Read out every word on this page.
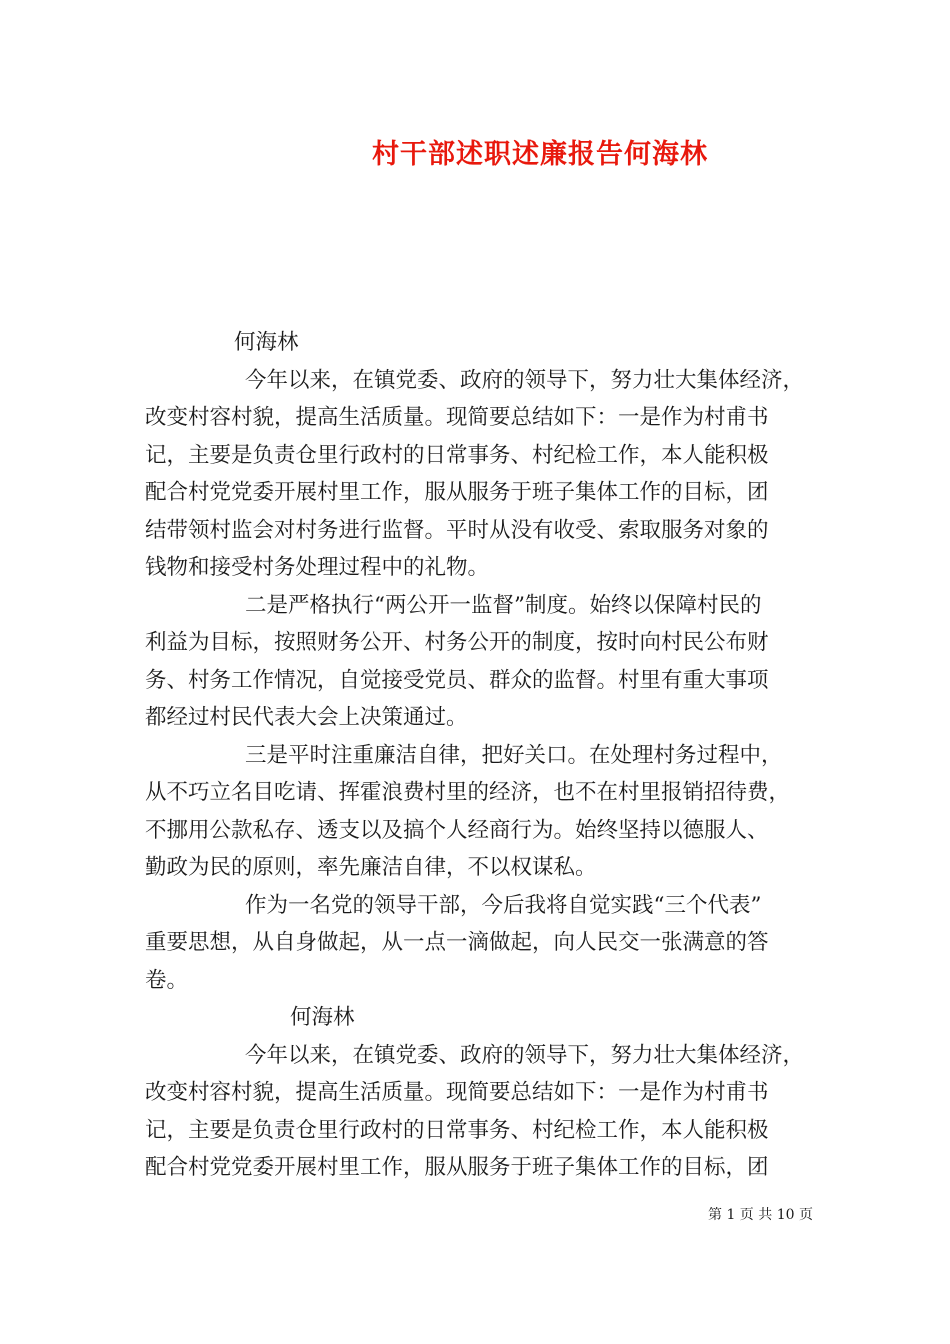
村干部述职述廉报告何海林
何海林
今年以来，在镇党委、政府的领导下，努力壮大集体经济，
改变村容村貌，提高生活质量。现简要总结如下：一是作为村甫书
记，主要是负责仓里行政村的日常事务、村纪检工作，本人能积极
配合村党党委开展村里工作，服从服务于班子集体工作的目标，团
结带领村监会对村务进行监督。平时从没有收受、索取服务对象的
钱物和接受村务处理过程中的礼物。
二是严格执行“两公开一监督”制度。始终以保障村民的
利益为目标，按照财务公开、村务公开的制度，按时向村民公布财
务、村务工作情况，自觉接受党员、群众的监督。村里有重大事项
都经过村民代表大会上决策通过。
三是平时注重廉洁自律，把好关口。在处理村务过程中，
从不巧立名目吃请、挥霍浪费村里的经济，也不在村里报销招待费，
不挪用公款私存、透支以及搞个人经商行为。始终坚持以德服人、
勤政为民的原则，率先廉洁自律，不以权谋私。
作为一名党的领导干部，今后我将自觉实践“三个代表”
重要思想，从自身做起，从一点一滴做起，向人民交一张满意的答
卷。
何海林
今年以来，在镇党委、政府的领导下，努力壮大集体经济，
改变村容村貌，提高生活质量。现简要总结如下：一是作为村甫书
记，主要是负责仓里行政村的日常事务、村纪检工作，本人能积极
配合村党党委开展村里工作，服从服务于班子集体工作的目标，团
第 1 页 共 10 页
